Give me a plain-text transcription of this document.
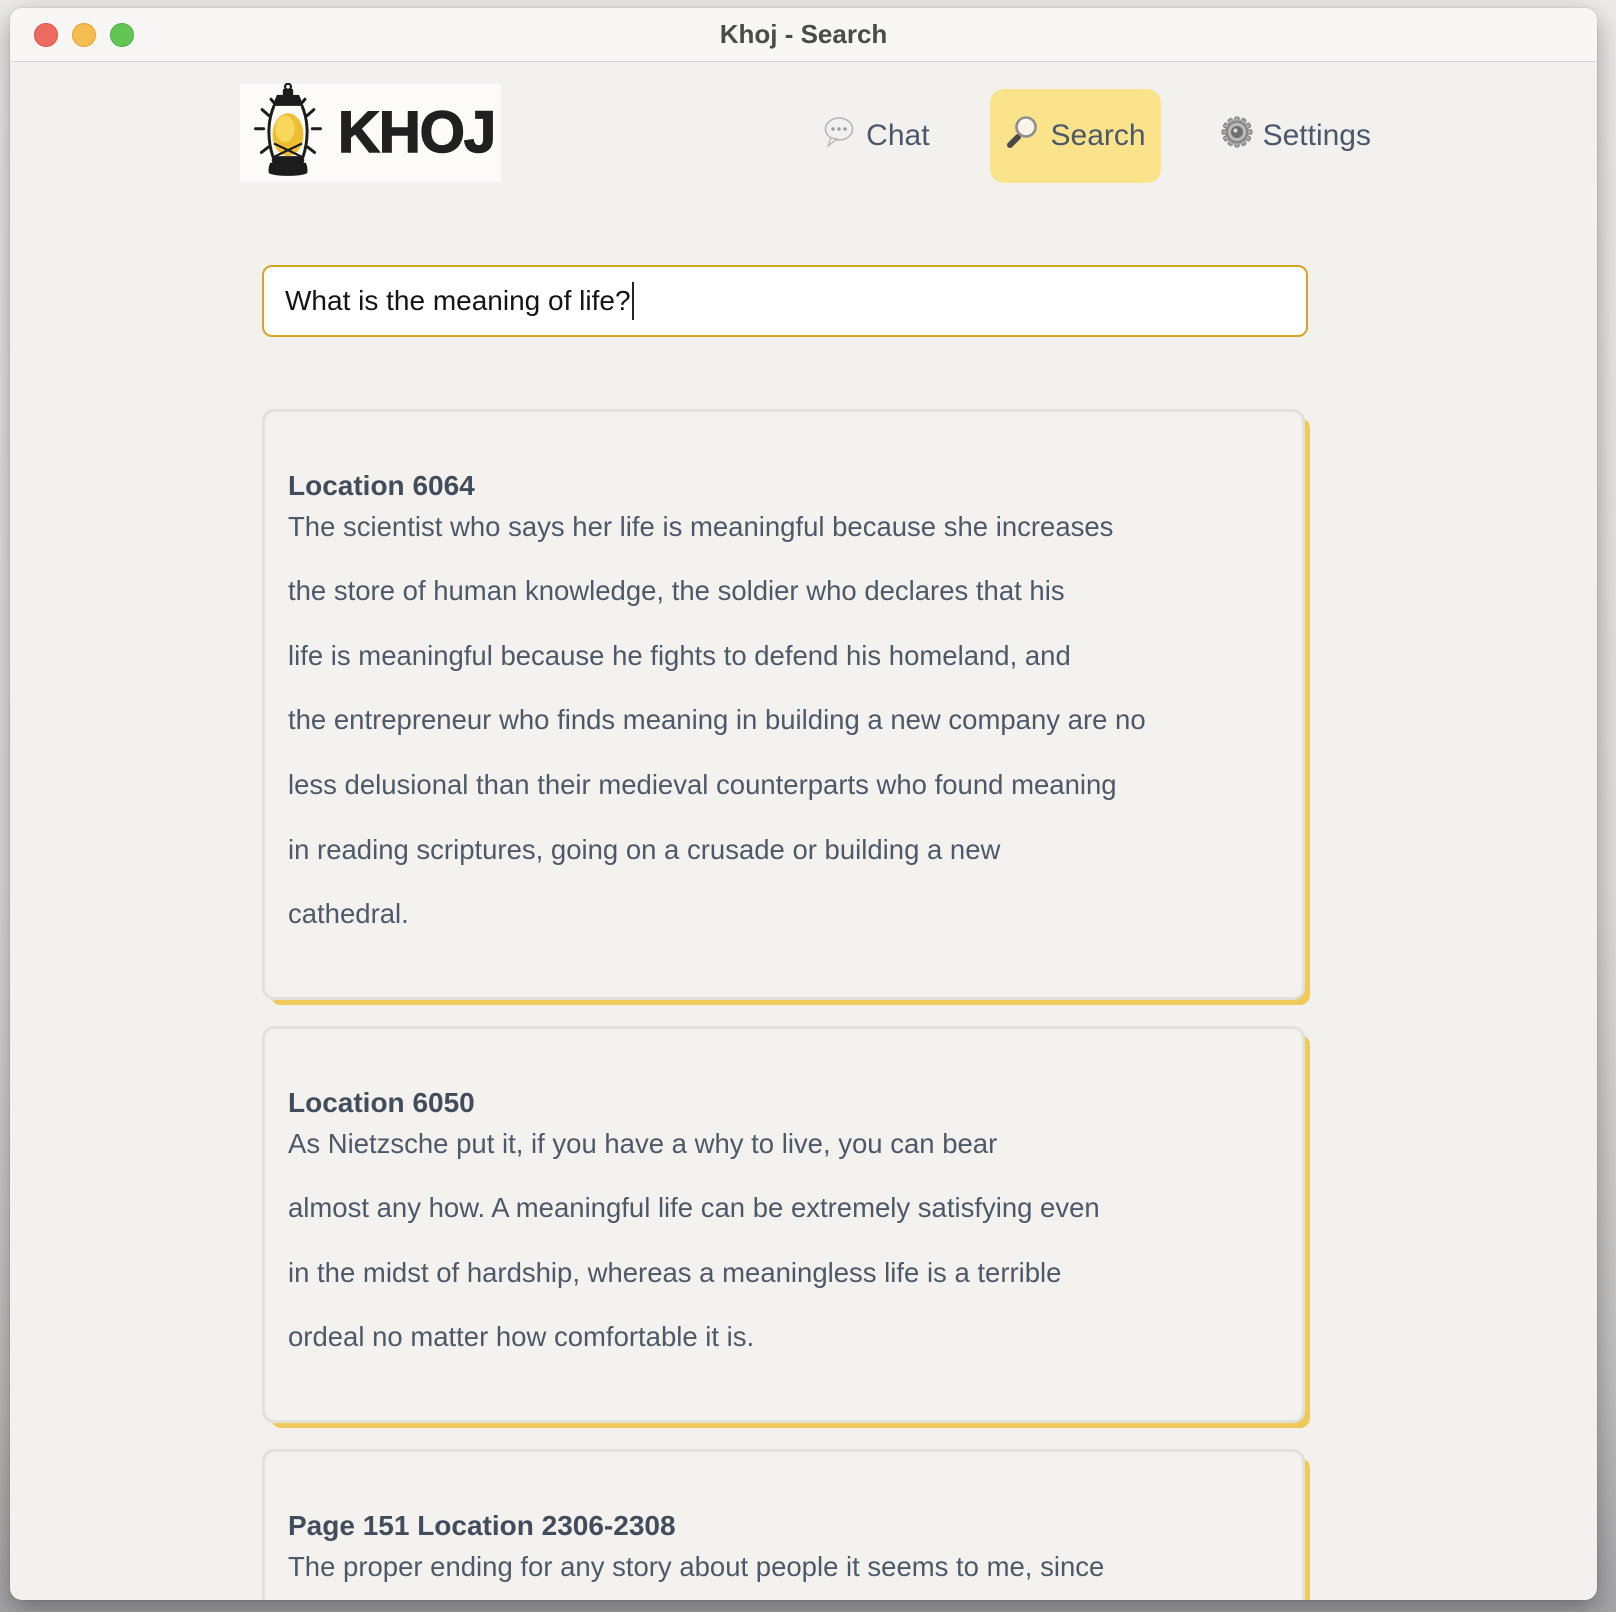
Khoj - Search
KHOJ	Chat	Search	Settings
What is the meaning of life?
Location 6064

The scientist who says her life is meaningful because she increases

the store of human knowledge, the soldier who declares that his

life is meaningful because he fights to defend his homeland, and

the entrepreneur who finds meaning in building a new company are no

less delusional than their medieval counterparts who found meaning

in reading scriptures, going on a crusade or building a new

cathedral.

Location 6050

As Nietzsche put it, if you have a why to live, you can bear

almost any how. A meaningful life can be extremely satisfying even

in the midst of hardship, whereas a meaningless life is a terrible

ordeal no matter how comfortable it is.

Page 151 Location 2306-2308

The proper ending for any story about people it seems to me, since
